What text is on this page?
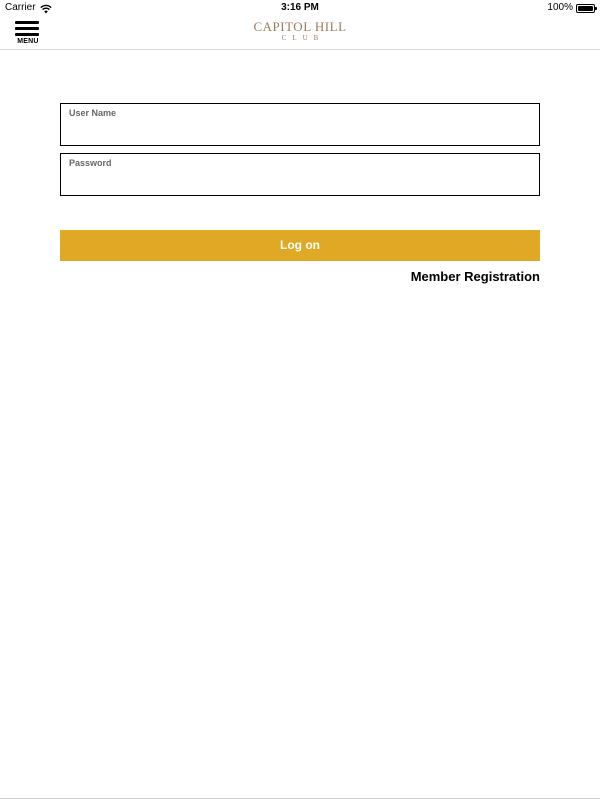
Carrier	3:16 PM	100%
MENU
CAPITOL HILL
CLUB
User Name
Password
Log on
Member Registration
